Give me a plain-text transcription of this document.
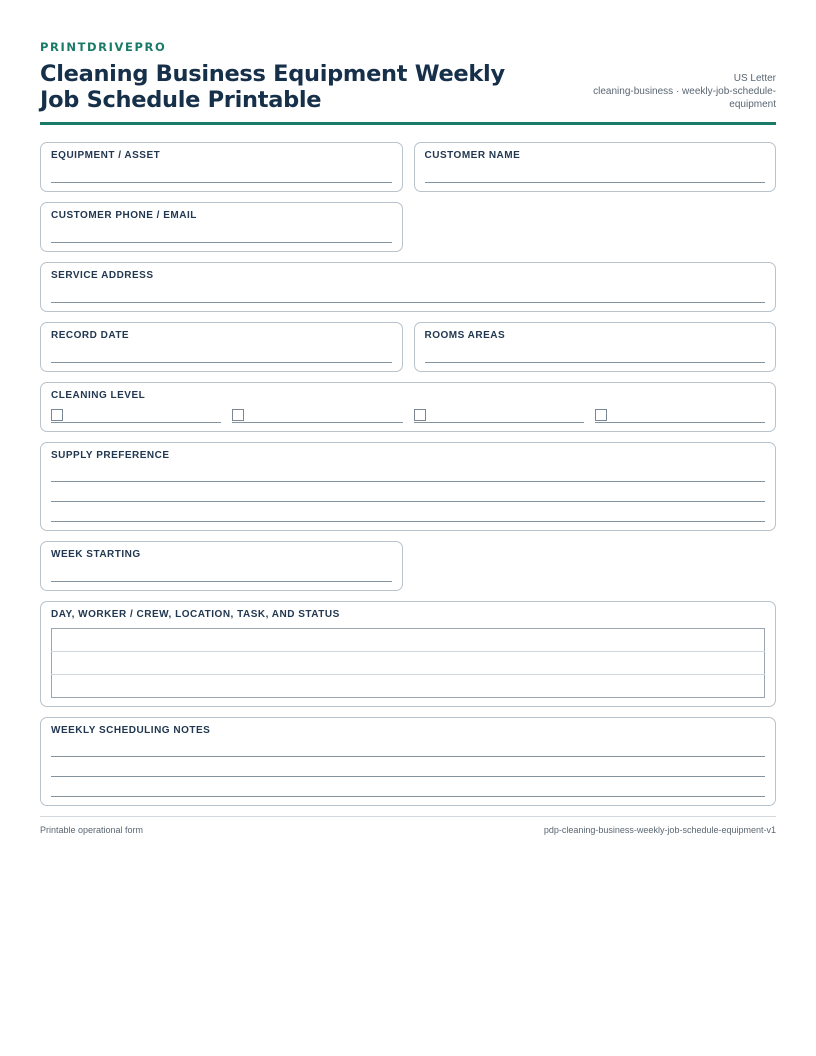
PRINTDRIVEPRO
Cleaning Business Equipment Weekly Job Schedule Printable
US Letter
cleaning-business · weekly-job-schedule-equipment
EQUIPMENT / ASSET	CUSTOMER NAME
CUSTOMER PHONE / EMAIL
SERVICE ADDRESS
RECORD DATE	ROOMS AREAS
CLEANING LEVEL
SUPPLY PREFERENCE
WEEK STARTING
DAY, WORKER / CREW, LOCATION, TASK, AND STATUS

WEEKLY SCHEDULING NOTES
Printable operational form	pdp-cleaning-business-weekly-job-schedule-equipment-v1
